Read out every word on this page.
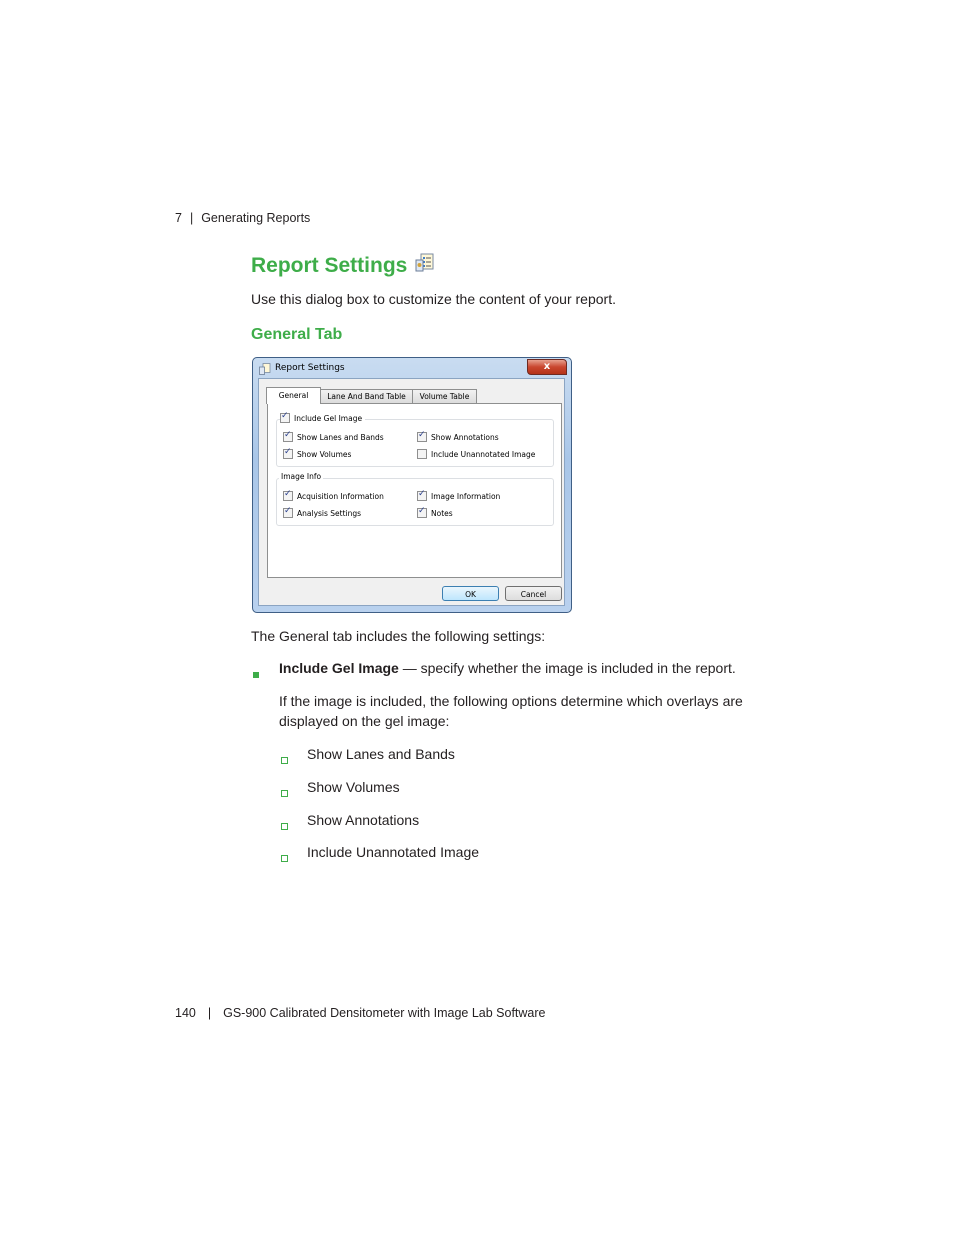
7 | Generating Reports
Report Settings
Use this dialog box to customize the content of your report.
General Tab
Report Settings	x
General	Lane And Band Table	Volume Table
✓
Include Gel Image
✓
Show Lanes and Bands ✓	Show Annotations
✓
Show Volumes	Include Unannotated Image
Image Info
✓
Acquisition Information ✓	Image Information
✓
Analysis Settings ✓	Notes
OK	Cancel
The General tab includes the following settings:
Include Gel Image — specify whether the image is included in the report.
If the image is included, the following options determine which overlays are
displayed on the gel image:
Show Lanes and Bands
Show Volumes
Show Annotations
Include Unannotated Image
140 | GS-900 Calibrated Densitometer with Image Lab Software
